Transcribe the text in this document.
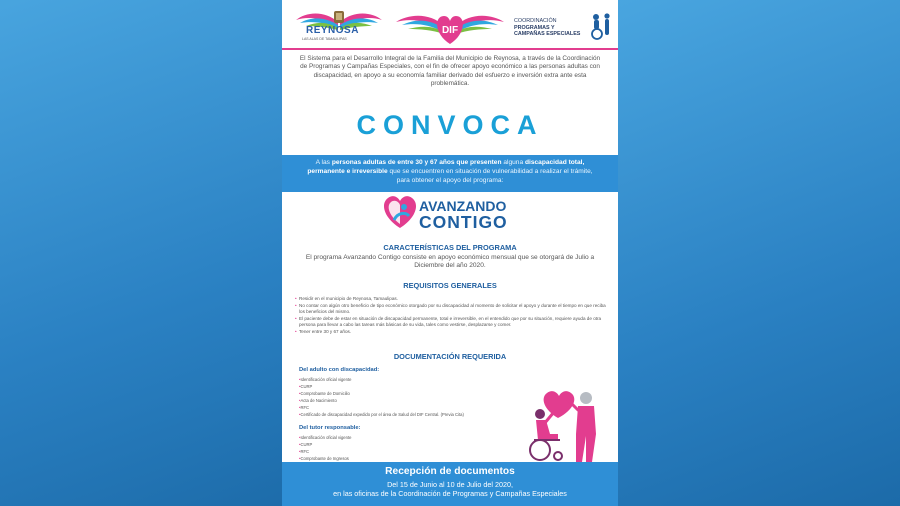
REYNOSA
LAS ALAS DE TAMAULIPAS
DIF
COORDINACIÓN
PROGRAMAS Y
CAMPAÑAS ESPECIALES
El Sistema para el Desarrollo Integral de la Familia del Municipio de Reynosa, a través de la Coordinación de Programas y Campañas Especiales, con el fin de ofrecer apoyo económico a las personas adultas con discapacidad, en apoyo a su economía familiar derivado del esfuerzo e inversión extra ante esta problemática.
CONVOCA
A las personas adultas de entre 30 y 67 años que presenten alguna discapacidad total, permanente e irreversible que se encuentren en situación de vulnerabilidad a realizar el trámite, para obtener el apoyo del programa:
AVANZANDO
CONTIGO
CARACTERÍSTICAS DEL PROGRAMA
El programa Avanzando Contigo consiste en apoyo económico mensual que se otorgará de Julio a Diciembre del año 2020.
REQUISITOS GENERALES
• Residir en el municipio de Reynosa, Tamaulipas.
• No contar con algún otro beneficio de tipo económico otorgado por su discapacidad al momento de solicitar el apoyo y durante el tiempo en que reciba los beneficios del mismo.
• El paciente debe de estar en situación de discapacidad permanente, total e irreversible, en el entendido que por su situación, requiere ayuda de otra persona para llevar a cabo las tareas más básicas de su vida, tales como vestirse, desplazarse y comer.
• Tener entre 30 y 67 años.
DOCUMENTACIÓN REQUERIDA
Del adulto con discapacidad:
•Identificación oficial vigente
•CURP
•Comprobante de Domicilio
•Acta de Nacimiento
•RFC
•Certificado de discapacidad expedido por el área de Salud del DIF Central. (Previa Cita)
Del tutor responsable:
•Identificación oficial vigente
•CURP
•RFC
•Comprobante de Ingresos
Recepción de documentos
Del 15 de Junio al 10 de Julio del 2020,
en las oficinas de la Coordinación de Programas y Campañas Especiales
